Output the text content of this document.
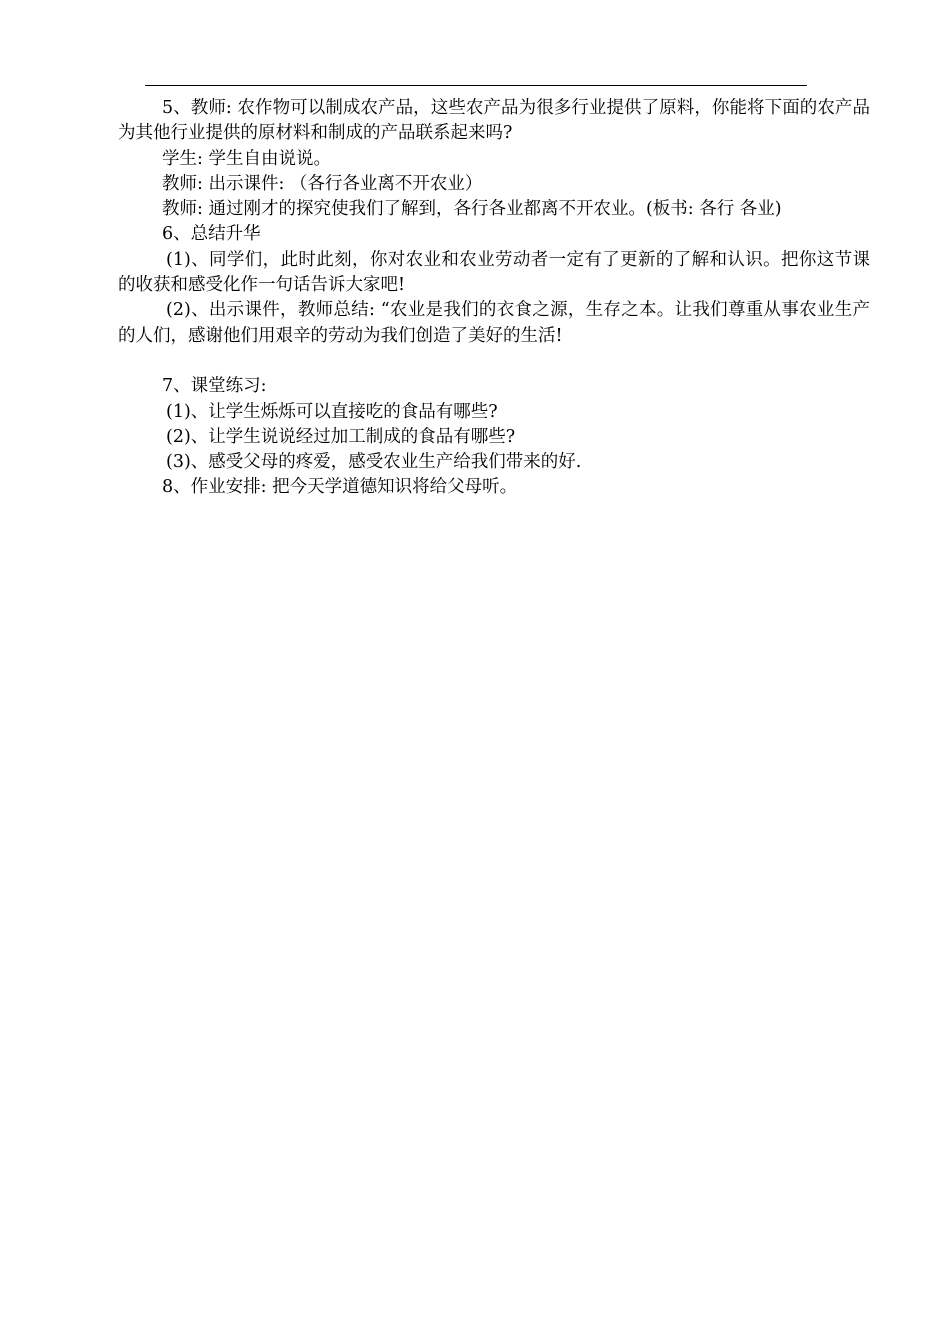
5、教师: 农作物可以制成农产品，这些农产品为很多行业提供了原料，你能将下面的农产品为其他行业提供的原材料和制成的产品联系起来吗?

学生: 学生自由说说。

教师: 出示课件: （各行各业离不开农业）

教师: 通过刚才的探究使我们了解到，各行各业都离不开农业。(板书: 各行 各业)

6、总结升华

(1)、同学们，此时此刻，你对农业和农业劳动者一定有了更新的了解和认识。把你这节课的收获和感受化作一句话告诉大家吧!

(2)、出示课件，教师总结: “农业是我们的衣食之源，生存之本。让我们尊重从事农业生产的人们，感谢他们用艰辛的劳动为我们创造了美好的生活!

7、课堂练习:

(1)、让学生烁烁可以直接吃的食品有哪些?

(2)、让学生说说经过加工制成的食品有哪些?

(3)、感受父母的疼爱，感受农业生产给我们带来的好.

8、作业安排: 把今天学道德知识将给父母听。
